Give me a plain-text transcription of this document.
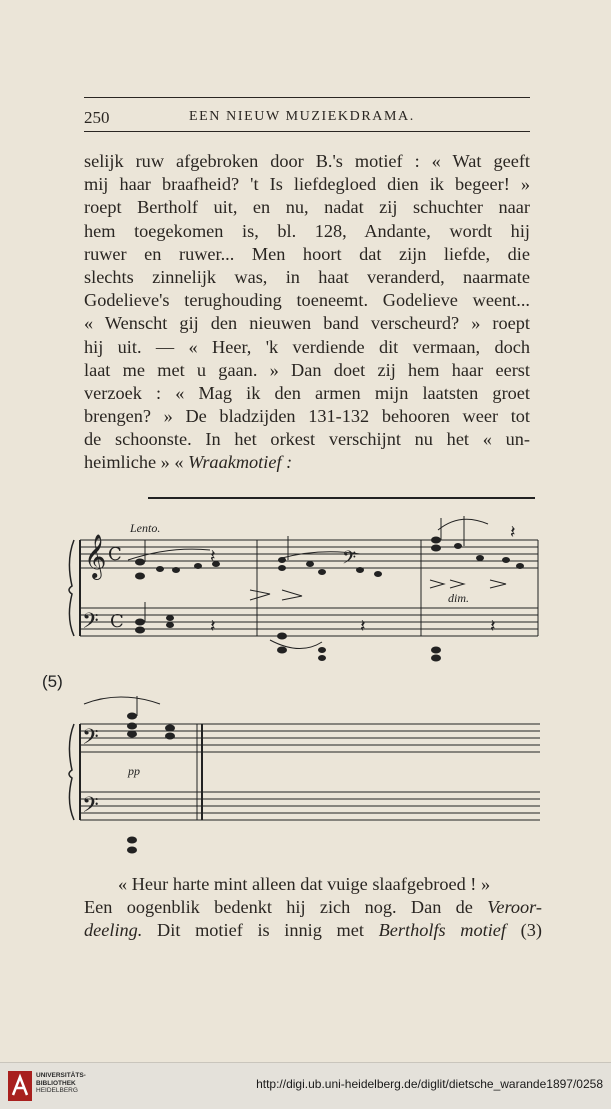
250	EEN NIEUW MUZIEKDRAMA.
selijk ruw afgebroken door B.'s motief : « Wat geeft
mij haar braafheid? 't Is liefdegloed dien ik begeer! »
roept Bertholf uit, en nu, nadat zij schuchter naar
hem toegekomen is, bl. 128, Andante, wordt hij
ruwer en ruwer... Men hoort dat zijn liefde, die
slechts zinnelijk was, in haat veranderd, naarmate
Godelieve's terughouding toeneemt. Godelieve weent...
« Wenscht gij den nieuwen band verscheurd? » roept
hij uit. — « Heer, 'k verdiende dit vermaan, doch
laat me met u gaan. » Dan doet zij hem haar eerst
verzoek : « Mag ik den armen mijn laatsten groet
brengen? » De bladzijden 131-132 behooren weer tot
de schoonste. In het orkest verschijnt nu het « un-
heimliche » « Wraakmotief :
𝄞
𝄢
𝄢
𝄢
𝄢
C
C
𝄽
𝄽	𝄽	𝄽
𝄽
Lento.
dim.
pp
(5)
« Heur harte mint alleen dat vuige slaafgebroed ! »
Een oogenblik bedenkt hij zich nog. Dan de Veroor-
deeling. Dit motief is innig met Bertholfs motief (3)
UNIVERSITÄTS-
BIBLIOTHEK
HEIDELBERG	http://digi.ub.uni-heidelberg.de/diglit/dietsche_warande1897/0258
